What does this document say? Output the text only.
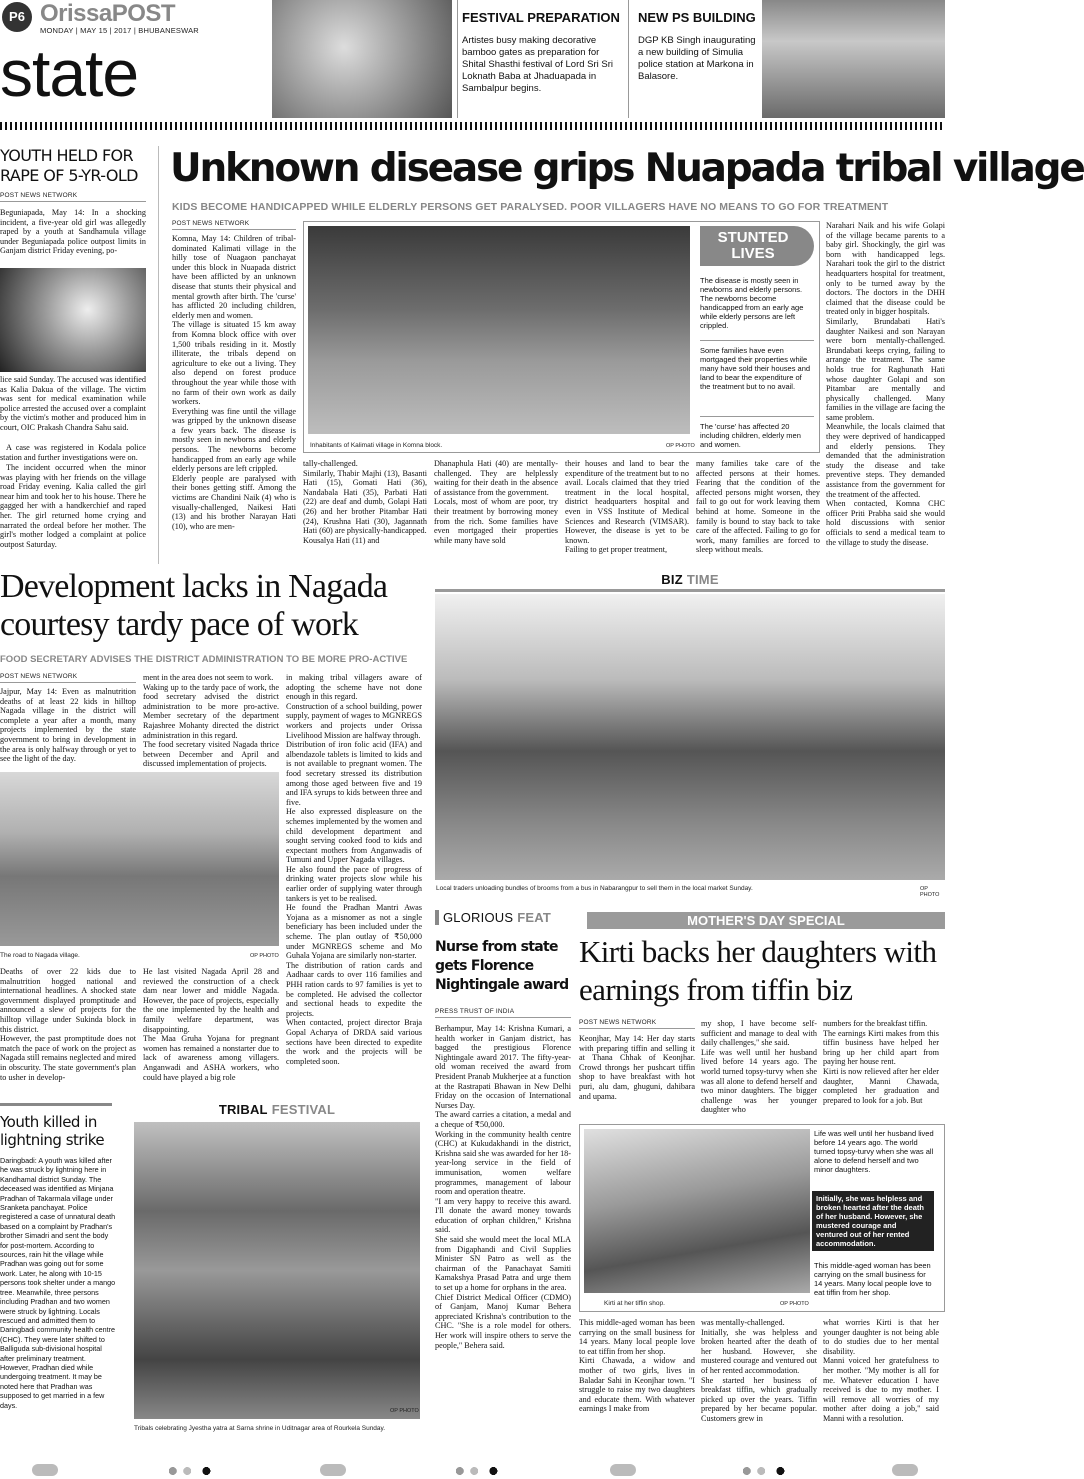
P6 OrissaPOST
MONDAY | MAY 15 | 2017 | BHUBANESWAR
state
FESTIVAL PREPARATION
Artistes busy making decorative bamboo gates as preparation for Shital Shasthi festival of Lord Sri Sri Loknath Baba at Jhaduapada in Sambalpur begins.
NEW PS BUILDING
DGP KB Singh inaugurating a new building of Simulia police station at Markona in Balasore.
YOUTH HELD FOR RAPE OF 5-YR-OLD
POST NEWS NETWORK
Beguniapada, May 14: In a shocking incident, a five-year old girl was allegedly raped by a youth at Sandhamula village under Beguniapada police outpost limits in Ganjam district Friday evening, po-
lice said Sunday. The accused was identified as Kalia Dakua of the village. The victim was sent for medical examination while police arrested the accused over a complaint by the victim's mother and produced him in court, OIC Prakash Chandra Sahu said.
A case was registered in Kodala police station and further investigations were on.
The incident occurred when the minor was playing with her friends on the village road Friday evening. Kalia called the girl near him and took her to his house. There he gagged her with a handkerchief and raped her. The girl returned home crying and narrated the ordeal before her mother. The girl's mother lodged a complaint at police outpost Saturday.
Unknown disease grips Nuapada tribal village
KIDS BECOME HANDICAPPED WHILE ELDERLY PERSONS GET PARALYSED. POOR VILLAGERS HAVE NO MEANS TO GO FOR TREATMENT
POST NEWS NETWORK
Komna, May 14: Children of tribal-dominated Kalimati village in the hilly tose of Nuagaon panchayat under this block in Nuapada district have been afflicted by an unknown disease that stunts their physical and mental growth after birth. The 'curse' has afflicted 20 including children, elderly men and women.
The village is situated 15 km away from Komna block office with over 1,500 tribals residing in it. Mostly illiterate, the tribals depend on agriculture to eke out a living. They also depend on forest produce throughout the year while those with no farm of their own work as daily workers.
Everything was fine until the village was gripped by the unknown disease a few years back. The disease is mostly seen in newborns and elderly persons. The newborns become handicapped from an early age while elderly persons are left crippled.
Elderly people are paralysed with their bones getting stiff. Among the victims are Chandini Naik (4) who is visually-challenged, Naikesi Hati (13) and his brother Narayan Hati (10), who are men-
Inhabitants of Kalimati village in Komna block.	OP PHOTO
STUNTED LIVES
The disease is mostly seen in newborns and elderly persons. The newborns become handicapped from an early age while elderly persons are left crippled.
Some families have even mortgaged their properties while many have sold their houses and land to bear the expenditure of the treatment but to no avail.
The 'curse' has affected 20 including children, elderly men and women.
tally-challenged.
Similarly, Thabir Majhi (13), Basanti Hati (15), Gomati Hati (36), Nandabala Hati (35), Parbati Hati (22) are deaf and dumb, Golapi Hati (26) and her brother Pitambar Hati (24), Krushna Hati (30), Jagannath Hati (60) are physically-handicapped.
Kousalya Hati (11) and
Dhanaphula Hati (40) are mentally-challenged. They are helplessly waiting for their death in the absence of assistance from the government.
Locals, most of whom are poor, try their treatment by borrowing money from the rich. Some families have even mortgaged their properties while many have sold
their houses and land to bear the expenditure of the treatment but to no avail. Locals claimed that they tried treatment in the local hospital, district headquarters hospital and even in VSS Institute of Medical Sciences and Research (VIMSAR). However, the disease is yet to be known.
Failing to get proper treatment,
many families take care of the affected persons at their homes. Fearing that the condition of the affected persons might worsen, they fail to go out for work leaving them behind at home. Someone in the family is bound to stay back to take care of the affected. Failing to go for work, many families are forced to sleep without meals.
Narahari Naik and his wife Golapi of the village became parents to a baby girl. Shockingly, the girl was born with handicapped legs. Narahari took the girl to the district headquarters hospital for treatment, only to be turned away by the doctors. The doctors in the DHH claimed that the disease could be treated only in bigger hospitals.
Similarly, Brundabati Hati's daughter Naikesi and son Narayan were born mentally-challenged. Brundabati keeps crying, failing to arrange the treatment. The same holds true for Raghunath Hati whose daughter Golapi and son Pitambar are mentally and physically challenged. Many families in the village are facing the same problem.
Meanwhile, the locals claimed that they were deprived of handicapped and elderly pensions. They demanded that the administration study the disease and take preventive steps. They demanded assistance from the government for the treatment of the affected.
When contacted, Komna CHC officer Priti Prabha said she would hold discussions with senior officials to send a medical team to the village to study the disease.
Development lacks in Nagada courtesy tardy pace of work
FOOD SECRETARY ADVISES THE DISTRICT ADMINISTRATION TO BE MORE PRO-ACTIVE
POST NEWS NETWORK
Jajpur, May 14: Even as malnutrition deaths of at least 22 kids in hilltop Nagada village in the district will complete a year after a month, many projects implemented by the state government to bring in development in the area is only halfway through or yet to see the light of the day.
ment in the area does not seem to work.
Waking up to the tardy pace of work, the food secretary advised the district administration to be more pro-active. Member secretary of the department Rajashree Mohanty directed the district administration in this regard.
The food secretary visited Nagada thrice between December and April and discussed implementation of projects.
in making tribal villagers aware of adopting the scheme have not done enough in this regard.
Construction of a school building, power supply, payment of wages to MGNREGS workers and projects under Orissa Livelihood Mission are halfway through.
Distribution of iron folic acid (IFA) and albendazole tablets is limited to kids and is not available to pregnant women. The food secretary stressed its distribution among those aged between five and 19 and IFA syrups to kids between three and five.
He also expressed displeasure on the schemes implemented by the women and child development department and sought serving cooked food to kids and expectant mothers from Anganwadis of Tumuni and Upper Nagada villages.
He also found the pace of progress of drinking water projects slow while his earlier order of supplying water through tankers is yet to be realised.
He found the Pradhan Mantri Awas Yojana as a misnomer as not a single beneficiary has been included under the scheme. The plan outlay of ₹50,000 under MGNREGS scheme and Mo Guhala Yojana are similarly non-starter.
The distribution of ration cards and Aadhaar cards to over 116 families and PHH ration cards to 97 families is yet to be completed. He advised the collector and sectional heads to expedite the projects.
When contacted, project director Braja Gopal Acharya of DRDA said various sections have been directed to expedite the work and the projects will be completed soon.
The road to Nagada village.	OP PHOTO
Deaths of over 22 kids due to malnutrition hogged national and international headlines. A shocked state government displayed promptitude and announced a slew of projects for the hilltop village under Sukinda block in this district.
However, the past promptitude does not match the pace of work on the project as Nagada still remains neglected and mired in obscurity. The state government's plan to usher in develop-
He last visited Nagada April 28 and reviewed the construction of a check dam near lower and middle Nagada. However, the pace of projects, especially the one implemented by the health and family welfare department, was disappointing.
The Maa Gruha Yojana for pregnant women has remained a nonstarter due to lack of awareness among villagers. Anganwadi and ASHA workers, who could have played a big role
BIZ TIME
Local traders unloading bundles of brooms from a bus in Nabarangpur to sell them in the local market Sunday.	OP PHOTO
Youth killed in lightning strike
Daringbadi: A youth was killed after he was struck by lightning here in Kandhamal district Sunday. The deceased was identified as Minjana Pradhan of Takarmala village under Sranketa panchayat. Police registered a case of unnatural death based on a complaint by Pradhan's brother Simadri and sent the body for post-mortem. According to sources, rain hit the village while Pradhan was going out for some work. Later, he along with 10-15 persons took shelter under a mango tree. Meanwhile, three persons including Pradhan and two women were struck by lightning. Locals rescued and admitted them to Daringbadi community health centre (CHC). They were later shifted to Balliguda sub-divisional hospital after preliminary treatment. However, Pradhan died while undergoing treatment. It may be noted here that Pradhan was supposed to get married in a few days.
TRIBAL FESTIVAL
Tribals celebrating Jyestha yatra at Sarna shrine in Uditnagar area of Rourkela Sunday.
OP PHOTO
GLORIOUS FEAT
Nurse from state gets Florence Nightingale award
PRESS TRUST OF INDIA
Berhampur, May 14: Krishna Kumari, a health worker in Ganjam district, has bagged the prestigious Florence Nightingale award 2017. The fifty-year-old woman received the award from President Pranab Mukherjee at a function at the Rastrapati Bhawan in New Delhi Friday on the occasion of International Nurses Day.
The award carries a citation, a medal and a cheque of ₹50,000.
Working in the community health centre (CHC) at Kukudakhandi in the district, Krishna said she was awarded for her 18-year-long service in the field of immunisation, women welfare programmes, management of labour room and operation theatre.
"I am very happy to receive this award. I'll donate the award money towards education of orphan children," Krishna said.
She said she would meet the local MLA from Digaphandi and Civil Supplies Minister SN Patro as well as the chairman of the Panachayat Samiti Kamakshya Prasad Patra and urge them to set up a home for orphans in the area.
Chief District Medical Officer (CDMO) of Ganjam, Manoj Kumar Behera appreciated Krishna's contribution to the CHC. "She is a role model for others. Her work will inspire others to serve the people," Behera said.
MOTHER'S DAY SPECIAL
Kirti backs her daughters with earnings from tiffin biz
POST NEWS NETWORK
Keonjhar, May 14: Her day starts with preparing tiffin and selling it at Thana Chhak of Keonjhar. Crowd throngs her pushcart tiffin shop to have breakfast with hot puri, alu dam, ghuguni, dahibara and upama.
my shop, I have become self-sufficient and manage to deal with daily challenges," she said.
Life was well until her husband lived before 14 years ago. The world turned topsy-turvy when she was all alone to defend herself and two minor daughters. The bigger challenge was her younger daughter who
numbers for the breakfast tiffin.
The earnings Kirti makes from this tiffin business have helped her bring up her child apart from paying her house rent.
Kirti is now relieved after her elder daughter, Manni Chawada, completed her graduation and prepared to look for a job. But
Kirti at her tiffin shop.	OP PHOTO
Life was well until her husband lived before 14 years ago. The world turned topsy-turvy when she was all alone to defend herself and two minor daughters.
Initially, she was helpless and broken hearted after the death of her husband. However, she mustered courage and ventured out of her rented accommodation.
This middle-aged woman has been carrying on the small business for 14 years. Many local people love to eat tiffin from her shop.
This middle-aged woman has been carrying on the small business for 14 years. Many local people love to eat tiffin from her shop.
Kirti Chawada, a widow and mother of two girls, lives in Baladar Sahi in Keonjhar town. "I struggle to raise my two daughters and educate them. With whatever earnings I make from
was mentally-challenged.
Initially, she was helpless and broken hearted after the death of her husband. However, she mustered courage and ventured out of her rented accommodation.
She started her business of breakfast tiffin, which gradually picked up over the years. Tiffin prepared by her became popular. Customers grew in
what worries Kirti is that her younger daughter is not being able to do studies due to her mental disability.
Manni voiced her gratefulness to her mother. "My mother is all for me. Whatever education I have received is due to my mother. I will remove all worries of my mother after doing a job," said Manni with a resolution.
